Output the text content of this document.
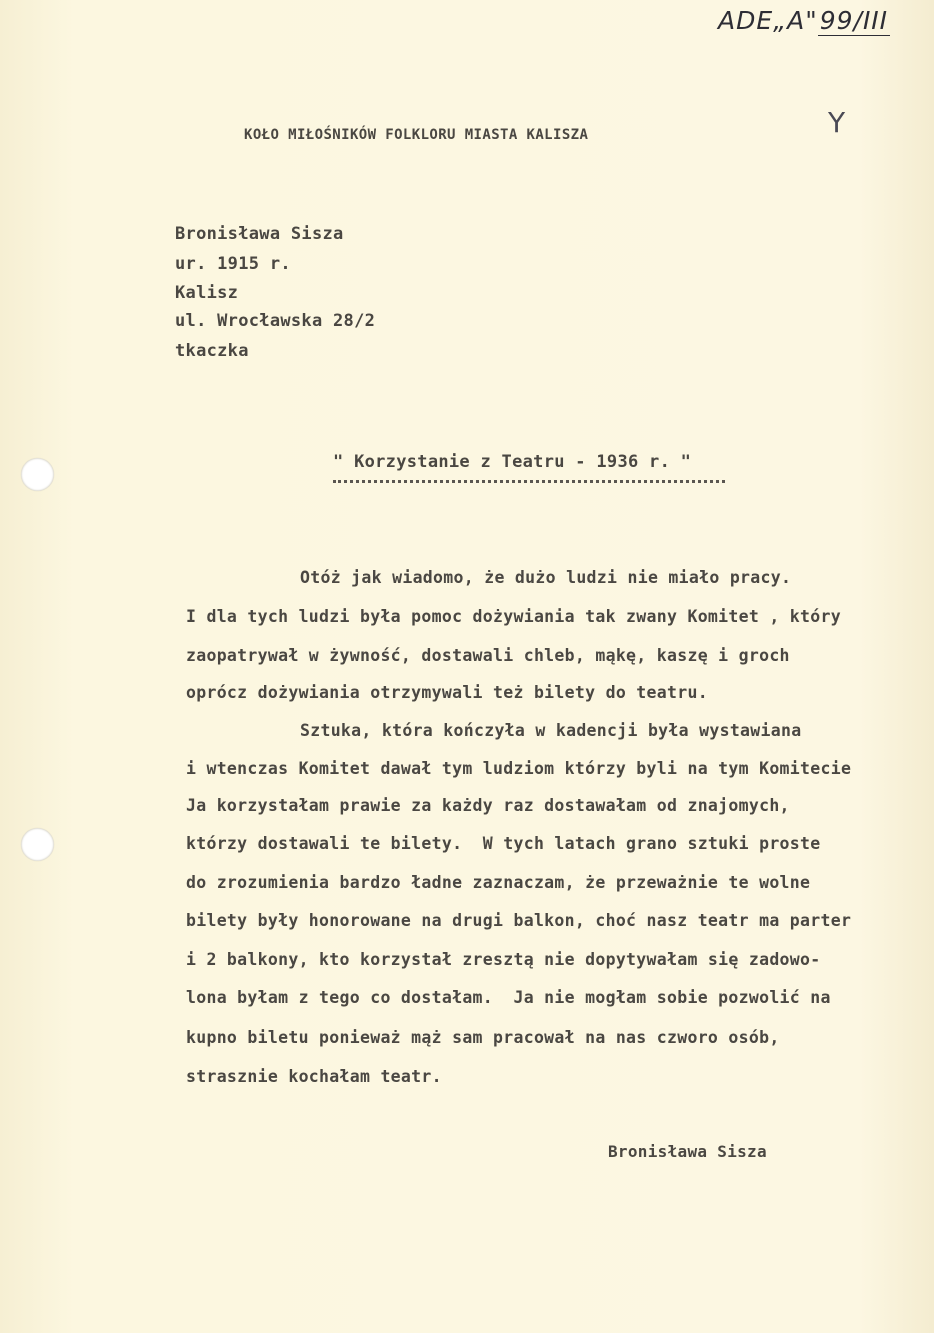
ADE„A"99/III
Y
KOŁO MIŁOŚNIKÓW FOLKLORU MIASTA KALISZA
Bronisława Sisza
ur. 1915 r.
Kalisz
ul. Wrocławska 28/2
tkaczka
" Korzystanie z Teatru - 1936 r. "
Otóż jak wiadomo, że dużo ludzi nie miało pracy.
I dla tych ludzi była pomoc dożywiania tak zwany Komitet , który
zaopatrywał w żywność, dostawali chleb, mąkę, kaszę i groch
oprócz dożywiania otrzymywali też bilety do teatru.
Sztuka, która kończyła w kadencji była wystawiana
i wtenczas Komitet dawał tym ludziom którzy byli na tym Komitecie
Ja korzystałam prawie za każdy raz dostawałam od znajomych,
którzy dostawali te bilety.  W tych latach grano sztuki proste
do zrozumienia bardzo ładne zaznaczam, że przeważnie te wolne
bilety były honorowane na drugi balkon, choć nasz teatr ma parter
i 2 balkony, kto korzystał zresztą nie dopytywałam się zadowo-
lona byłam z tego co dostałam.  Ja nie mogłam sobie pozwolić na
kupno biletu ponieważ mąż sam pracował na nas czworo osób,
strasznie kochałam teatr.
Bronisława Sisza
